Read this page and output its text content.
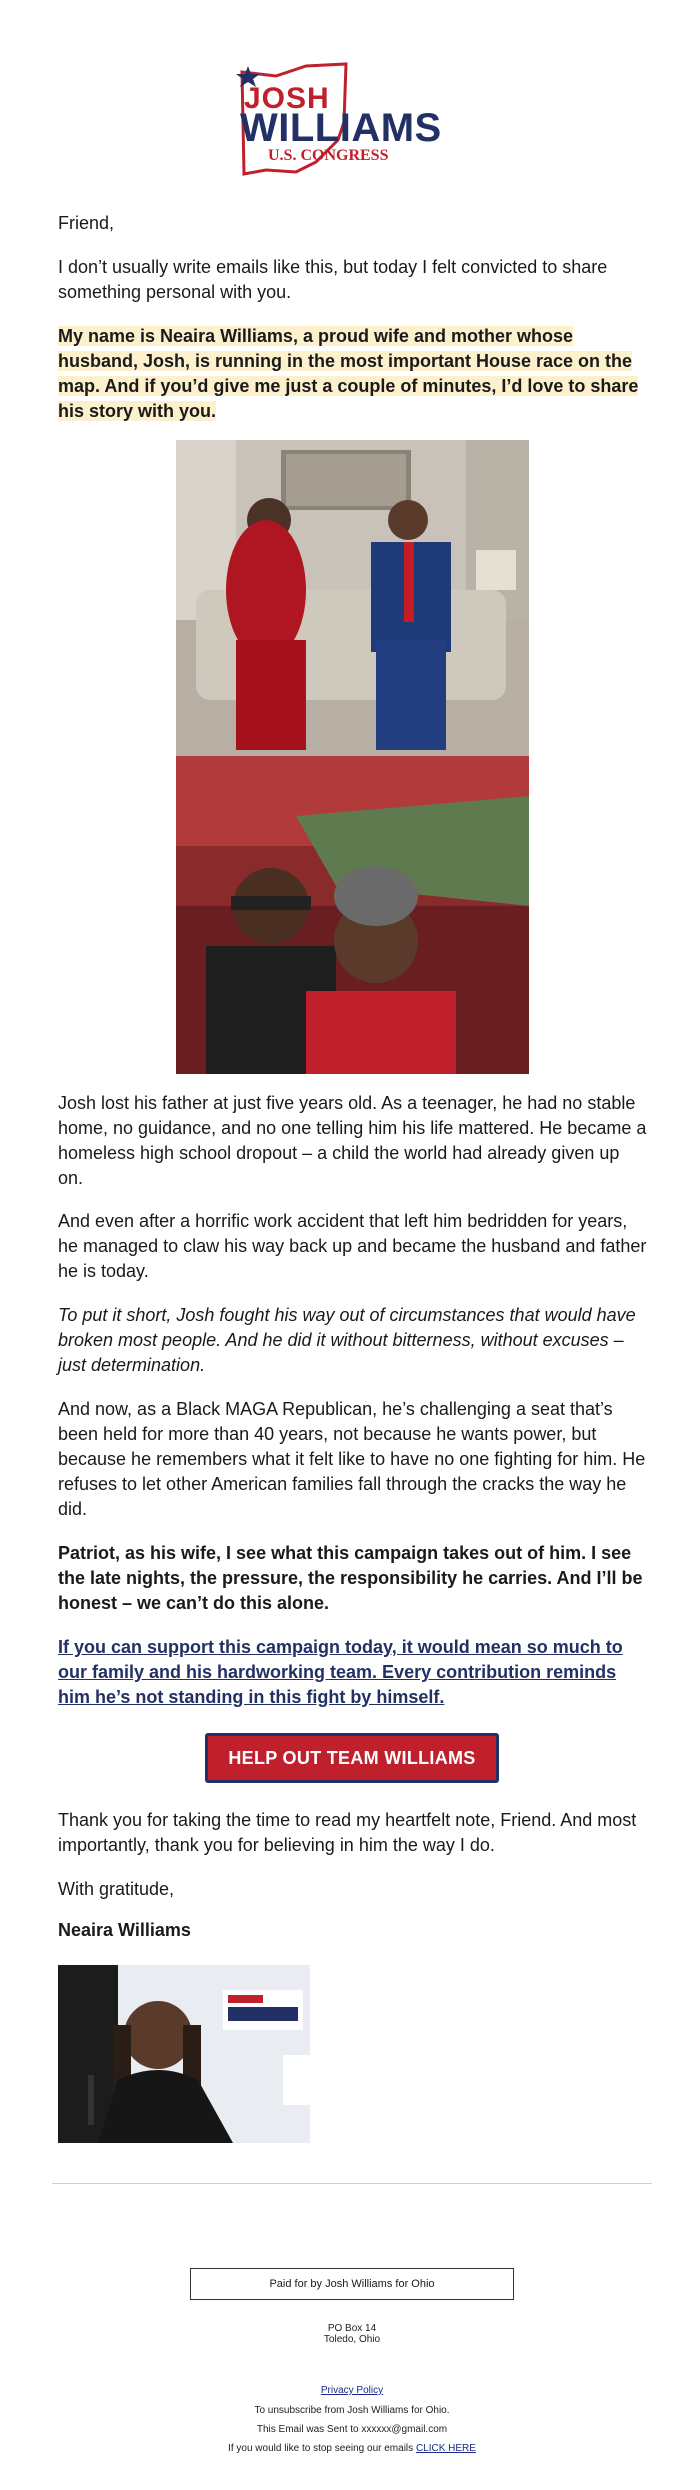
JOSH
WILLIAMS
U.S. CONGRESS

Friend,

I don’t usually write emails like this, but today I felt convicted to share something personal with you.

My name is Neaira Williams, a proud wife and mother whose husband, Josh, is running in the most important House race on the map. And if you’d give me just a couple of minutes, I’d love to share his story with you.

Josh lost his father at just five years old. As a teenager, he had no stable home, no guidance, and no one telling him his life mattered. He became a homeless high school dropout – a child the world had already given up on.

And even after a horrific work accident that left him bedridden for years, he managed to claw his way back up and became the husband and father he is today.

To put it short, Josh fought his way out of circumstances that would have broken most people. And he did it without bitterness, without excuses – just determination.

And now, as a Black MAGA Republican, he’s challenging a seat that’s been held for more than 40 years, not because he wants power, but because he remembers what it felt like to have no one fighting for him. He refuses to let other American families fall through the cracks the way he did.

Patriot, as his wife, I see what this campaign takes out of him. I see the late nights, the pressure, the responsibility he carries. And I’ll be honest – we can’t do this alone.

If you can support this campaign today, it would mean so much to our family and his hardworking team. Every contribution reminds him he’s not standing in this fight by himself.

HELP OUT TEAM WILLIAMS

Thank you for taking the time to read my heartfelt note, Friend. And most importantly, thank you for believing in him the way I do.

With gratitude,

Neaira Williams

Paid for by Josh Williams for Ohio
PO Box 14
Toledo, Ohio
Privacy Policy
To unsubscribe from Josh Williams for Ohio.
This Email was Sent to xxxxxx@gmail.com
If you would like to stop seeing our emails CLICK HERE
